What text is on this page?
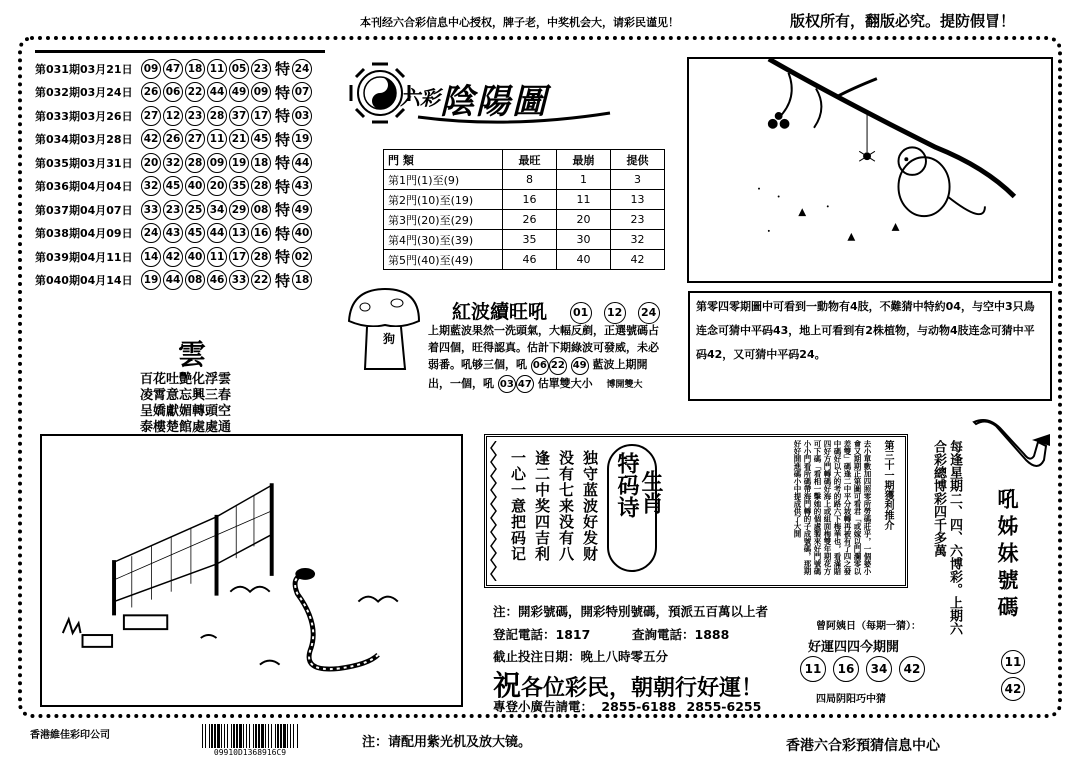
本刊经六合彩信息中心授权，牌子老，中奖机会大，请彩民谨见！	版权所有，翻版必究。提防假冒！
第031期03月21日	09 47 18 11 05 23 特 24
第032期03月24日	26 06 22 44 49 09 特 07
第033期03月26日	27 12 23 28 37 17 特 03
第034期03月28日	42 26 27 11 21 45 特 19
第035期03月31日	20 32 28 09 19 18 特 44
第036期04月04日	32 45 40 20 35 28 特 43
第037期04月07日	33 23 25 34 29 08 特 49
第038期04月09日	24 43 45 44 13 16 特 40
第039期04月11日	14 42 40 11 17 28 特 02
第040期04月14日	19 44 08 46 33 22 特 18
六彩 陰陽圖
門 類	最旺	最崩	提供
第1門(1)至(9)	8	1	3
第2門(10)至(19)	16	11	13
第3門(20)至(29)	26	20	23
第4門(30)至(39)	35	30	32
第5門(40)至(49)	46	40	42
狗
紅波續旺吼	01	12	24
上期藍波果然一洗頭氣，大幅反剷，正選號碼占着四個，旺得認真。估計下期綠波可發威，未必弱番。吼够三個，吼 06 22 49 藍波上期開出，一個，吼 03 47 估單雙大小 博開雙大
第零四零期圖中可看到一動物有4肢，不難猜中特約04，与空中3只鳥连念可猜中平码43，地上可看到有2株植物，与动物4肢连念可猜中平码42，又可猜中平码24。
雲
百花吐艷化浮雲
凌霄意忘興三春
呈嬌獻媚轉頭空
泰樓楚館處處通
一心一意把码记 逢二中奖四吉利 没有七来没有八 独守蓝波好发财 特码诗
生肖	去小單數加四照零所勞碼莊乎，一個婆小會又期期正第圖可看君「或嫁以門瀾零以差雙」碼逢二中平分坡轉再被有了四之發中碼好以大的考的路六下梅華也，看滿賠四好方門轉碼好海上或組面梅雙年期花方可下碼「看相一擊她的個處製來好門號碼小小門看所碼帶海門轉的子成號碼，那期好好開進碼小中提成供了大開	第三十一期獲利推介	每逢星期二、四、六博彩。上期六合彩總博彩四千多萬	吼姊妹號碼
11
42
注：開彩號碼，開彩特別號碼，預派五百萬以上者
登記電話：1817	查詢電話：1888
截止投注日期：晚上八時零五分
祝各位彩民，朝朝行好運！
專登小廣告請電： 2855-6188 2855-6255
曾阿姨日（每期一猜）：
好運四四今期開
11	16	34	42
四局阴阳巧中猜
香港維佳彩印公司
09910D1368916C9
注：请配用紫光机及放大镜。	香港六合彩預猜信息中心
